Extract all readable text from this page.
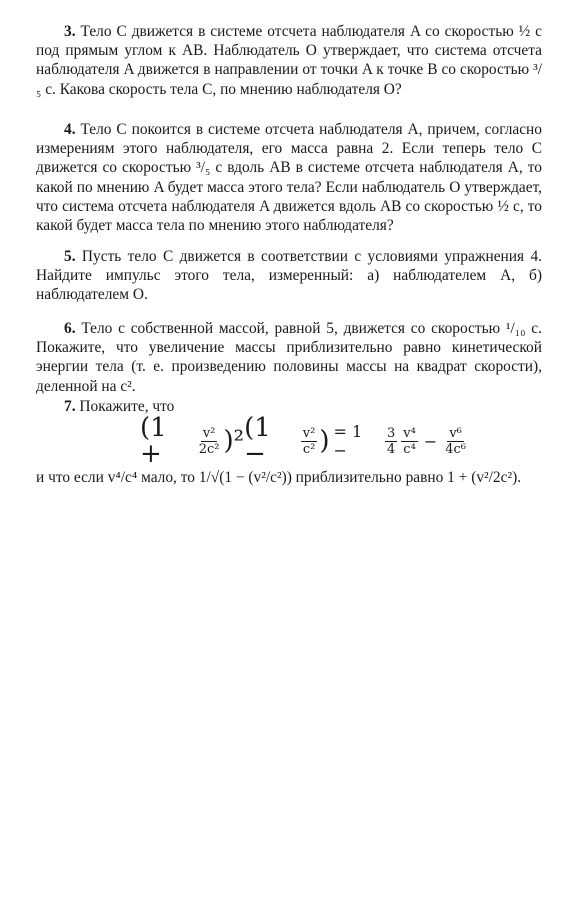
3. Тело C движется в системе отсчета наблюдателя A со скоростью ½ c под прямым углом к AB. Наблюдатель O утверждает, что система отсчета наблюдателя A движется в направлении от точки A к точке B со скоростью ³/₅ c. Какова скорость тела C, по мнению наблюдателя O?

4. Тело C покоится в системе отсчета наблюдателя A, причем, согласно измерениям этого наблюдателя, его масса равна 2. Если теперь тело C движется со скоростью ³/₅ c вдоль AB в системе отсчета наблюдателя A, то какой по мнению A будет масса этого тела? Если наблюдатель O утверждает, что система отсчета наблюдателя A движется вдоль AB со скоростью ½ c, то какой будет масса тела по мнению этого наблюдателя?

5. Пусть тело C движется в соответствии с условиями упражнения 4. Найдите импульс этого тела, измеренный: а) наблюдателем A, б) наблюдателем O.

6. Тело с собственной массой, равной 5, движется со скоростью ¹/₁₀ c. Покажите, что увеличение массы приблизительно равно кинетической энергии тела (т. е. произведению половины массы на квадрат скорости), деленной на c².

7. Покажите, что

(1 +	$\frac{\text{v²}}{\text{2c²}} )^2$ (1 −	$\frac{\text{v²}}{\text{c²}}$ ) = 1 −	$\frac{3}{4} \frac{\text{v⁴}}{\text{c⁴}} - \frac{\text{v⁶}}{\text{4c⁶}}$

и что если v⁴/c⁴ мало, то 1/√(1 − (v²/c²)) приблизительно равно 1 + (v²/2c²).
